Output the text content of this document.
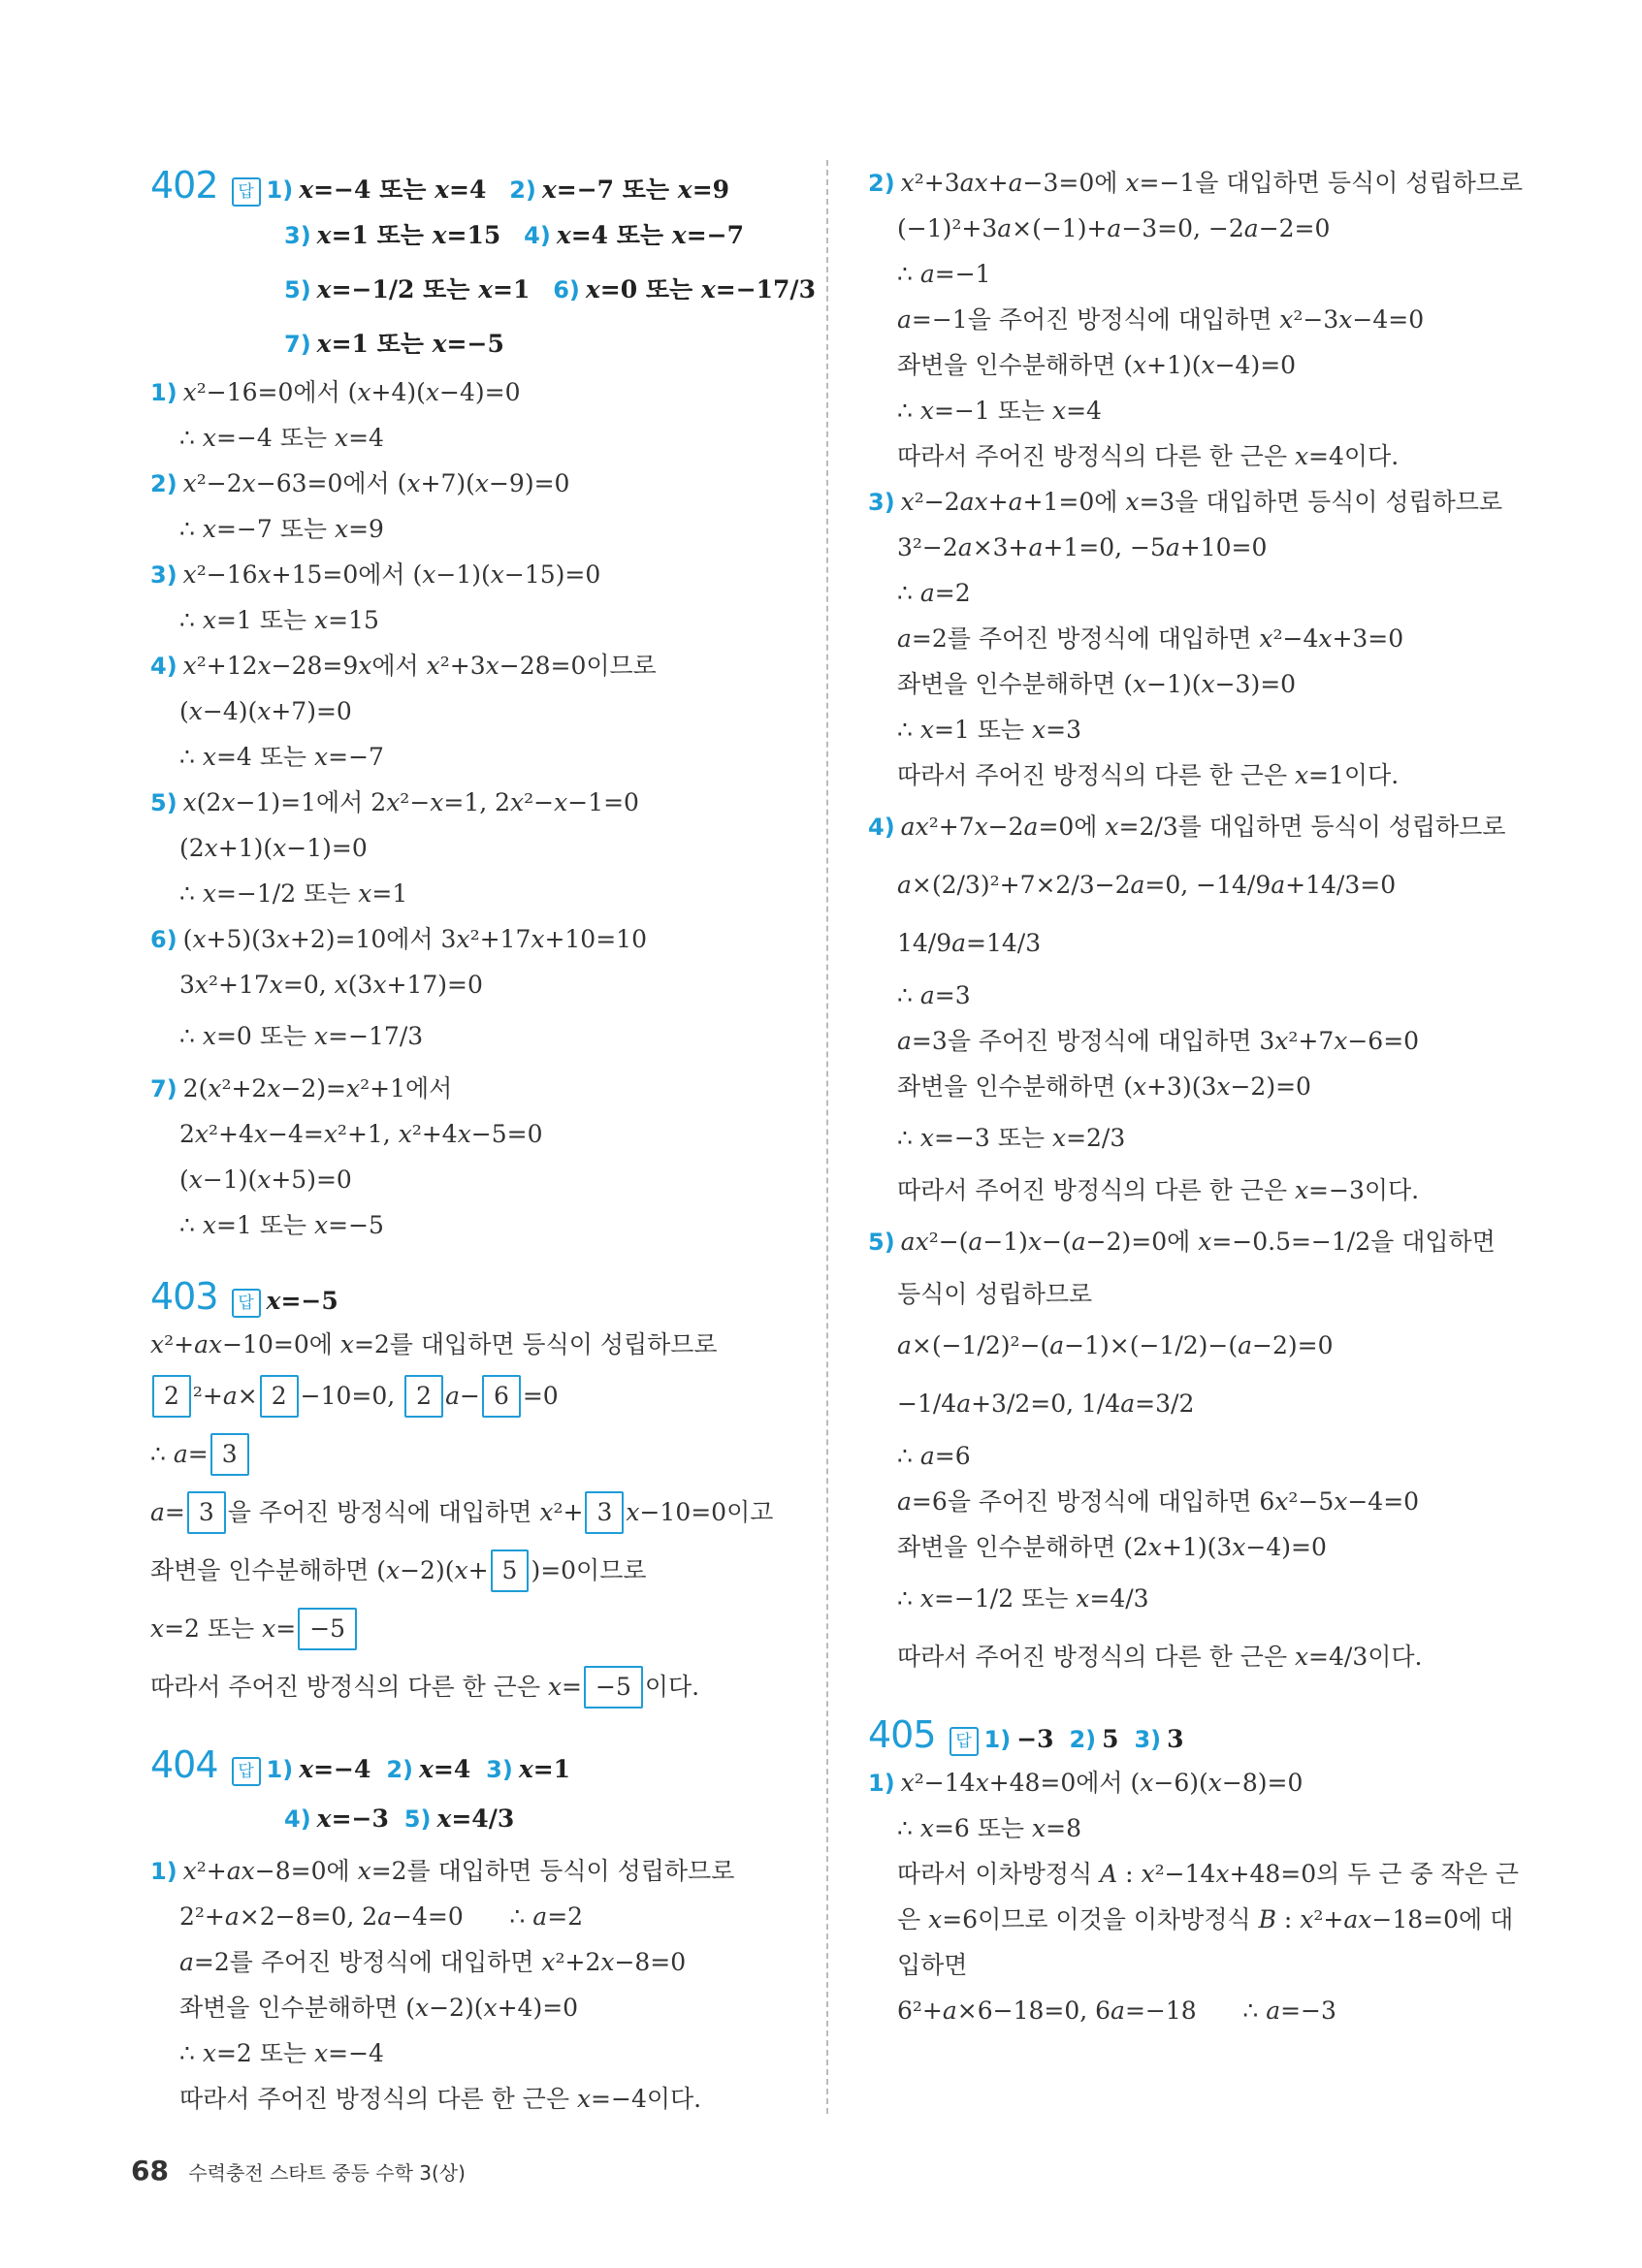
402 답 1) x=−4 또는 x=4 2) x=−7 또는 x=9
3) x=1 또는 x=15 4) x=4 또는 x=−7
5) x=−1/2 또는 x=1 6) x=0 또는 x=−17/3
7) x=1 또는 x=−5
1) x²−16=0에서 (x+4)(x−4)=0
∴ x=−4 또는 x=4
2) x²−2x−63=0에서 (x+7)(x−9)=0
∴ x=−7 또는 x=9
3) x²−16x+15=0에서 (x−1)(x−15)=0
∴ x=1 또는 x=15
4) x²+12x−28=9x에서 x²+3x−28=0이므로
(x−4)(x+7)=0
∴ x=4 또는 x=−7
5) x(2x−1)=1에서 2x²−x=1, 2x²−x−1=0
(2x+1)(x−1)=0
∴ x=−1/2 또는 x=1
6) (x+5)(3x+2)=10에서 3x²+17x+10=10
3x²+17x=0, x(3x+17)=0
∴ x=0 또는 x=−17/3
7) 2(x²+2x−2)=x²+1에서
2x²+4x−4=x²+1, x²+4x−5=0
(x−1)(x+5)=0
∴ x=1 또는 x=−5
403 답 x=−5
x²+ax−10=0에 x=2를 대입하면 등식이 성립하므로
2 ²+a× 2 −10=0, 2 a− 6 =0
∴ a= 3
a= 3 을 주어진 방정식에 대입하면 x²+ 3 x−10=0이고
좌변을 인수분해하면 (x−2)(x+ 5 )=0이므로
x=2 또는 x= −5
따라서 주어진 방정식의 다른 한 근은 x= −5 이다.
404 답 1) x=−4 2) x=4 3) x=1
4) x=−3 5) x=4/3
1) x²+ax−8=0에 x=2를 대입하면 등식이 성립하므로
2²+a×2−8=0, 2a−4=0      ∴ a=2
a=2를 주어진 방정식에 대입하면 x²+2x−8=0
좌변을 인수분해하면 (x−2)(x+4)=0
∴ x=2 또는 x=−4
따라서 주어진 방정식의 다른 한 근은 x=−4이다.
2) x²+3ax+a−3=0에 x=−1을 대입하면 등식이 성립하므로
(−1)²+3a×(−1)+a−3=0, −2a−2=0
∴ a=−1
a=−1을 주어진 방정식에 대입하면 x²−3x−4=0
좌변을 인수분해하면 (x+1)(x−4)=0
∴ x=−1 또는 x=4
따라서 주어진 방정식의 다른 한 근은 x=4이다.
3) x²−2ax+a+1=0에 x=3을 대입하면 등식이 성립하므로
3²−2a×3+a+1=0, −5a+10=0
∴ a=2
a=2를 주어진 방정식에 대입하면 x²−4x+3=0
좌변을 인수분해하면 (x−1)(x−3)=0
∴ x=1 또는 x=3
따라서 주어진 방정식의 다른 한 근은 x=1이다.
4) ax²+7x−2a=0에 x=2/3를 대입하면 등식이 성립하므로
a×(2/3)²+7×2/3−2a=0, −14/9a+14/3=0
14/9a=14/3
∴ a=3
a=3을 주어진 방정식에 대입하면 3x²+7x−6=0
좌변을 인수분해하면 (x+3)(3x−2)=0
∴ x=−3 또는 x=2/3
따라서 주어진 방정식의 다른 한 근은 x=−3이다.
5) ax²−(a−1)x−(a−2)=0에 x=−0.5=−1/2을 대입하면
등식이 성립하므로
a×(−1/2)²−(a−1)×(−1/2)−(a−2)=0
−1/4a+3/2=0, 1/4a=3/2
∴ a=6
a=6을 주어진 방정식에 대입하면 6x²−5x−4=0
좌변을 인수분해하면 (2x+1)(3x−4)=0
∴ x=−1/2 또는 x=4/3
따라서 주어진 방정식의 다른 한 근은 x=4/3이다.
405 답 1) −3 2) 5 3) 3
1) x²−14x+48=0에서 (x−6)(x−8)=0
∴ x=6 또는 x=8
따라서 이차방정식 A : x²−14x+48=0의 두 근 중 작은 근
은 x=6이므로 이것을 이차방정식 B : x²+ax−18=0에 대
입하면
6²+a×6−18=0, 6a=−18      ∴ a=−3
68 수력충전 스타트 중등 수학 3(상)
